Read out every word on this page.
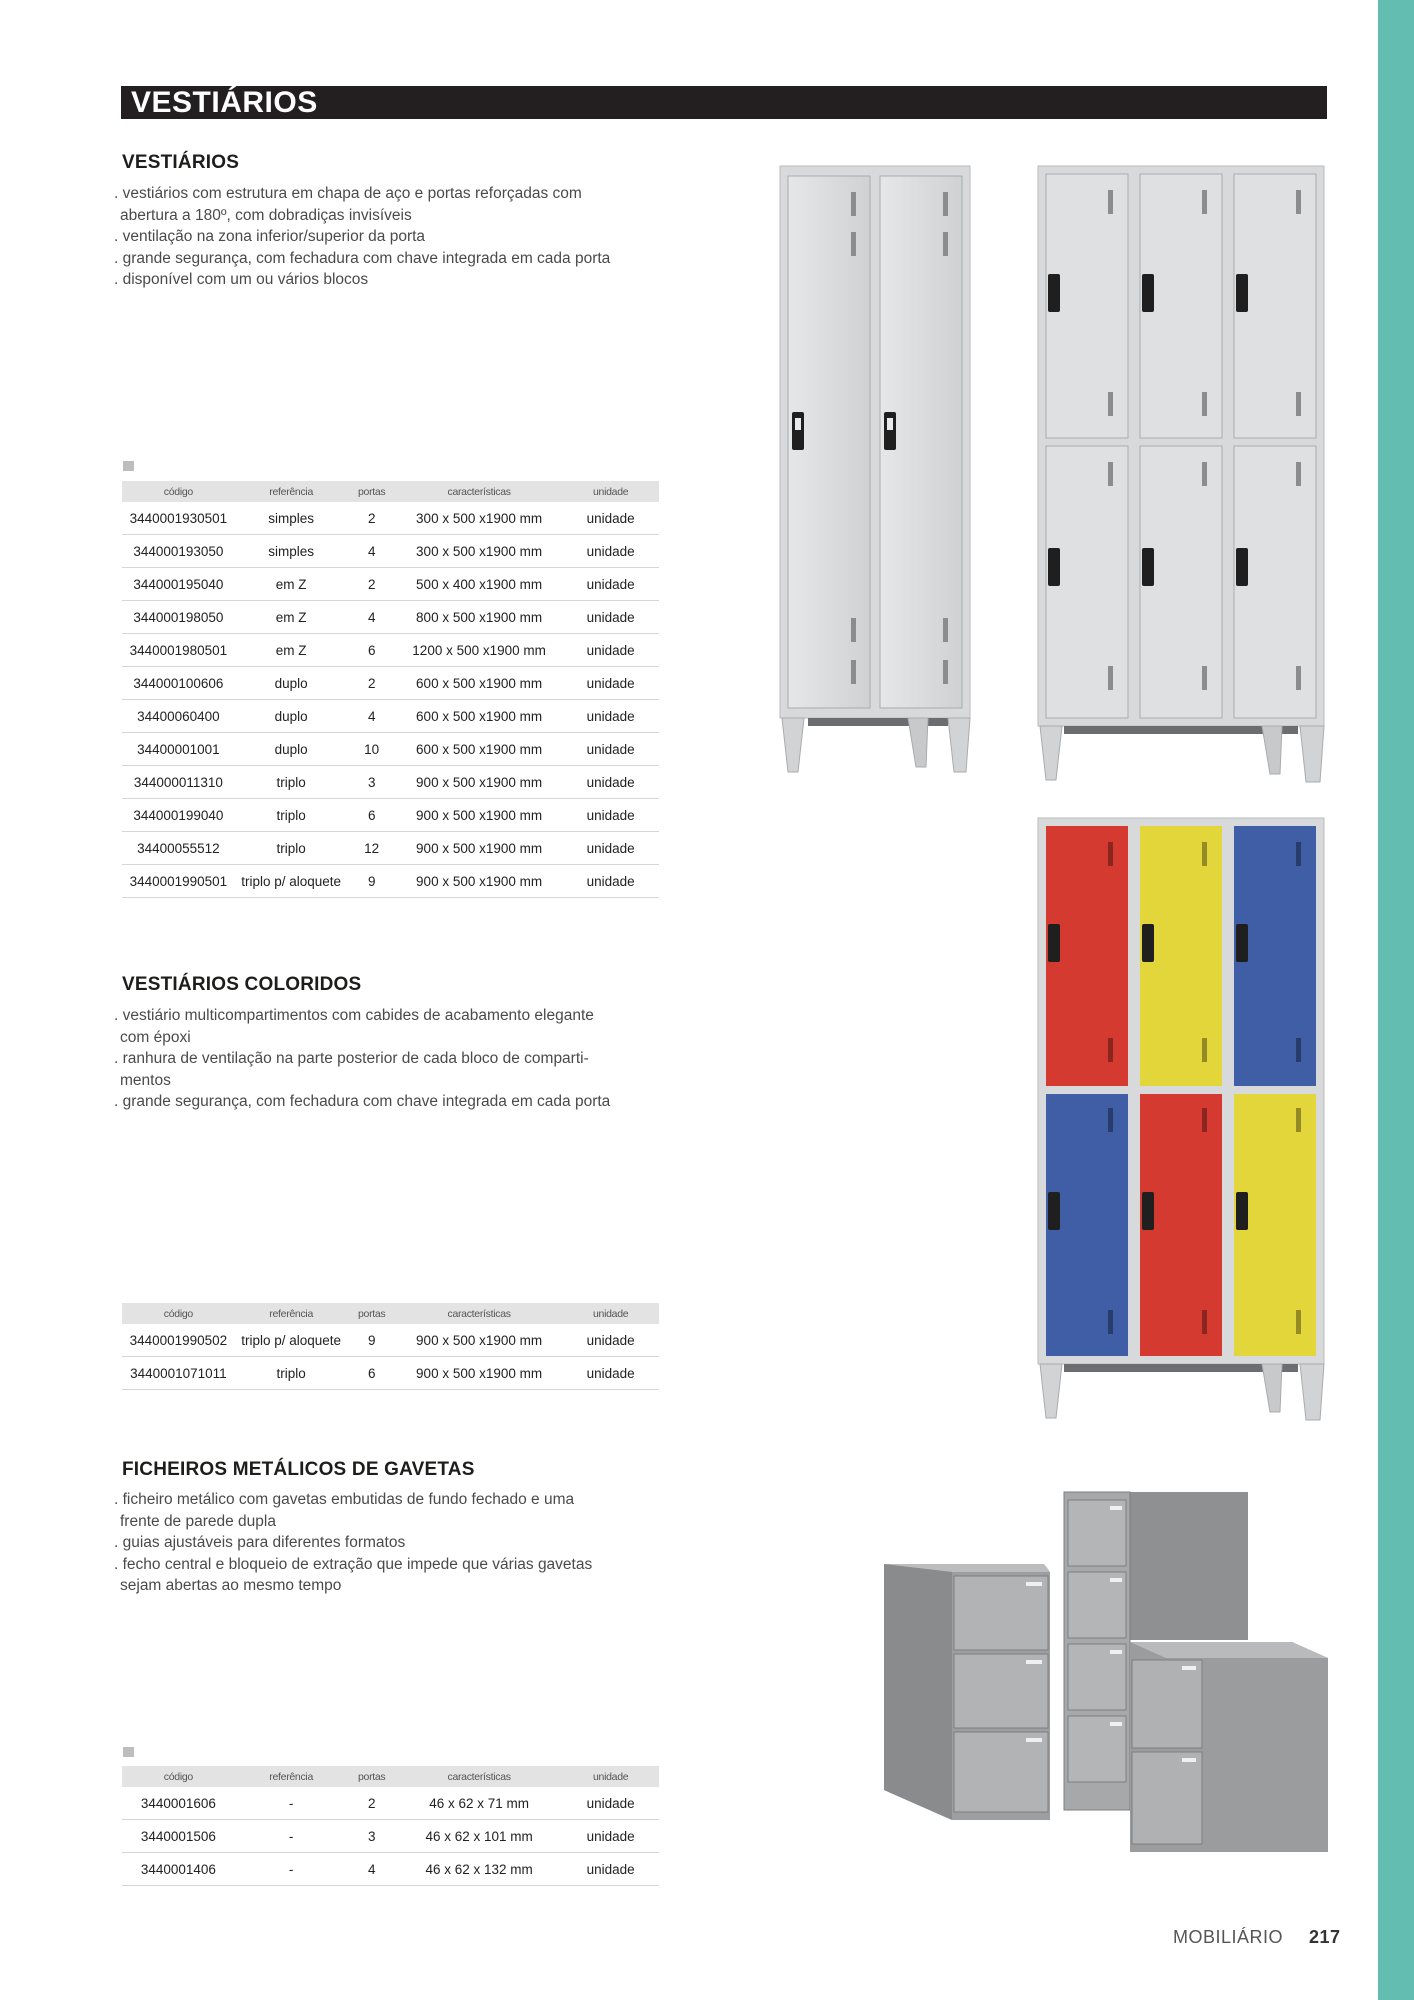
VESTIÁRIOS
VESTIÁRIOS
. vestiários com estrutura em chapa de aço e portas reforçadas com
abertura a 180º, com dobradiças invisíveis
. ventilação na zona inferior/superior da porta
. grande segurança, com fechadura com chave integrada em cada porta
. disponível com um ou vários blocos
código	referência	portas	características	unidade
3440001930501	simples	2	300 x 500 x1900 mm	unidade
344000193050	simples	4	300 x 500 x1900 mm	unidade
344000195040	em Z	2	500 x 400 x1900 mm	unidade
344000198050	em Z	4	800 x 500 x1900 mm	unidade
3440001980501	em Z	6	1200 x 500 x1900 mm	unidade
344000100606	duplo	2	600 x 500 x1900 mm	unidade
34400060400	duplo	4	600 x 500 x1900 mm	unidade
34400001001	duplo	10	600 x 500 x1900 mm	unidade
344000011310	triplo	3	900 x 500 x1900 mm	unidade
344000199040	triplo	6	900 x 500 x1900 mm	unidade
34400055512	triplo	12	900 x 500 x1900 mm	unidade
3440001990501	triplo p/ aloquete	9	900 x 500 x1900 mm	unidade
VESTIÁRIOS COLORIDOS
. vestiário multicompartimentos com cabides de acabamento elegante
com époxi
. ranhura de ventilação na parte posterior de cada bloco de comparti-
mentos
. grande segurança, com fechadura com chave integrada em cada porta
código	referência	portas	características	unidade
3440001990502	triplo p/ aloquete	9	900 x 500 x1900 mm	unidade
3440001071011	triplo	6	900 x 500 x1900 mm	unidade
FICHEIROS METÁLICOS DE GAVETAS
. ficheiro metálico com gavetas embutidas de fundo fechado e uma
frente de parede dupla
. guias ajustáveis para diferentes formatos
. fecho central e bloqueio de extração que impede que várias gavetas
sejam abertas ao mesmo tempo
código	referência	portas	características	unidade
3440001606	-	2	46 x 62 x 71 mm	unidade
3440001506	-	3	46 x 62 x 101 mm	unidade
3440001406	-	4	46 x 62 x 132 mm	unidade
MOBILIÁRIO 217
